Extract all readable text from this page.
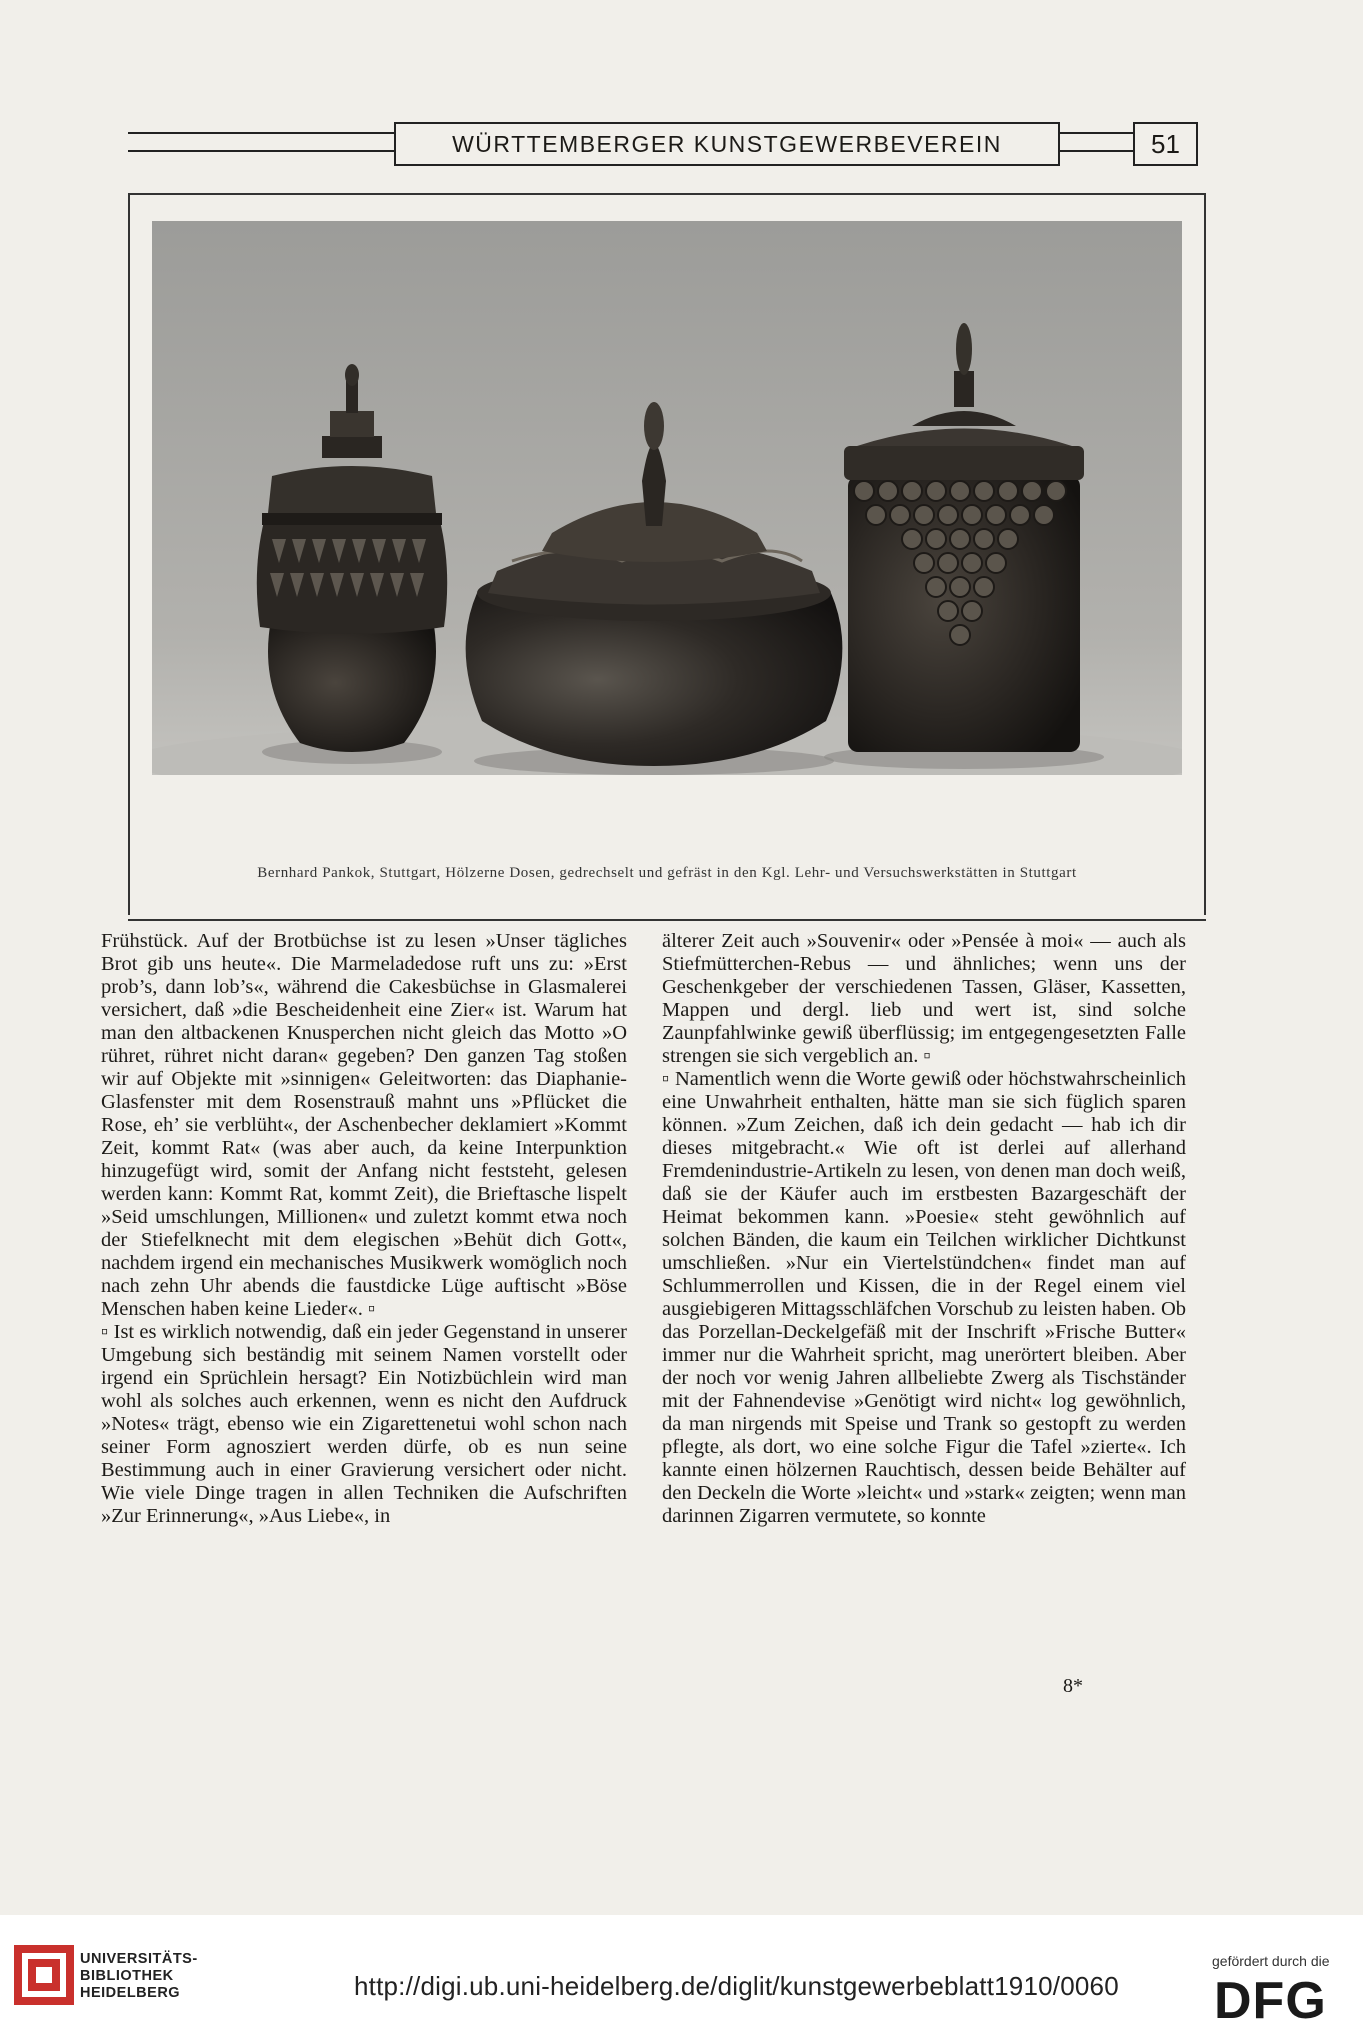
WÜRTTEMBERGER KUNSTGEWERBEVEREIN	51
Bernhard Pankok, Stuttgart, Hölzerne Dosen, gedrechselt und gefräst in den Kgl. Lehr- und Versuchswerkstätten in Stuttgart

Frühstück. Auf der Brotbüchse ist zu lesen »Unser tägliches Brot gib uns heute«. Die Marmeladedose ruft uns zu: »Erst prob’s, dann lob’s«, während die Cakesbüchse in Glasmalerei versichert, daß »die Bescheidenheit eine Zier« ist. Warum hat man den altbackenen Knusperchen nicht gleich das Motto »O rühret, rühret nicht daran« gegeben? Den ganzen Tag stoßen wir auf Objekte mit »sinnigen« Geleitworten: das Diaphanie-Glasfenster mit dem Rosenstrauß mahnt uns »Pflücket die Rose, eh’ sie verblüht«, der Aschenbecher deklamiert »Kommt Zeit, kommt Rat« (was aber auch, da keine Interpunktion hinzugefügt wird, somit der Anfang nicht feststeht, gelesen werden kann: Kommt Rat, kommt Zeit), die Brieftasche lispelt »Seid umschlungen, Millionen« und zuletzt kommt etwa noch der Stiefelknecht mit dem elegischen »Behüt dich Gott«, nachdem irgend ein mechanisches Musikwerk womöglich noch nach zehn Uhr abends die faustdicke Lüge auftischt »Böse Menschen haben keine Lieder«. ▫

▫ Ist es wirklich notwendig, daß ein jeder Gegenstand in unserer Umgebung sich beständig mit seinem Namen vorstellt oder irgend ein Sprüchlein hersagt? Ein Notizbüchlein wird man wohl als solches auch erkennen, wenn es nicht den Aufdruck »Notes« trägt, ebenso wie ein Zigarettenetui wohl schon nach seiner Form agnosziert werden dürfe, ob es nun seine Bestimmung auch in einer Gravierung versichert oder nicht. Wie viele Dinge tragen in allen Techniken die Aufschriften »Zur Erinnerung«, »Aus Liebe«, in

älterer Zeit auch »Souvenir« oder »Pensée à moi« — auch als Stiefmütterchen-Rebus — und ähnliches; wenn uns der Geschenkgeber der verschiedenen Tassen, Gläser, Kassetten, Mappen und dergl. lieb und wert ist, sind solche Zaunpfahlwinke gewiß überflüssig; im entgegengesetzten Falle strengen sie sich vergeblich an. ▫

▫ Namentlich wenn die Worte gewiß oder höchstwahrscheinlich eine Unwahrheit enthalten, hätte man sie sich füglich sparen können. »Zum Zeichen, daß ich dein gedacht — hab ich dir dieses mitgebracht.« Wie oft ist derlei auf allerhand Fremdenindustrie-Artikeln zu lesen, von denen man doch weiß, daß sie der Käufer auch im erstbesten Bazargeschäft der Heimat bekommen kann. »Poesie« steht gewöhnlich auf solchen Bänden, die kaum ein Teilchen wirklicher Dichtkunst umschließen. »Nur ein Viertelstündchen« findet man auf Schlummerrollen und Kissen, die in der Regel einem viel ausgiebigeren Mittagsschläfchen Vorschub zu leisten haben. Ob das Porzellan-Deckelgefäß mit der Inschrift »Frische Butter« immer nur die Wahrheit spricht, mag unerörtert bleiben. Aber der noch vor wenig Jahren allbeliebte Zwerg als Tischständer mit der Fahnendevise »Genötigt wird nicht« log gewöhnlich, da man nirgends mit Speise und Trank so gestopft zu werden pflegte, als dort, wo eine solche Figur die Tafel »zierte«. Ich kannte einen hölzernen Rauchtisch, dessen beide Behälter auf den Deckeln die Worte »leicht« und »stark« zeigten; wenn man darinnen Zigarren vermutete, so konnte

8*
UNIVERSITÄTS-
BIBLIOTHEK
HEIDELBERG	http://digi.ub.uni-heidelberg.de/diglit/kunstgewerbeblatt1910/0060
gefördert durch die
DFG
